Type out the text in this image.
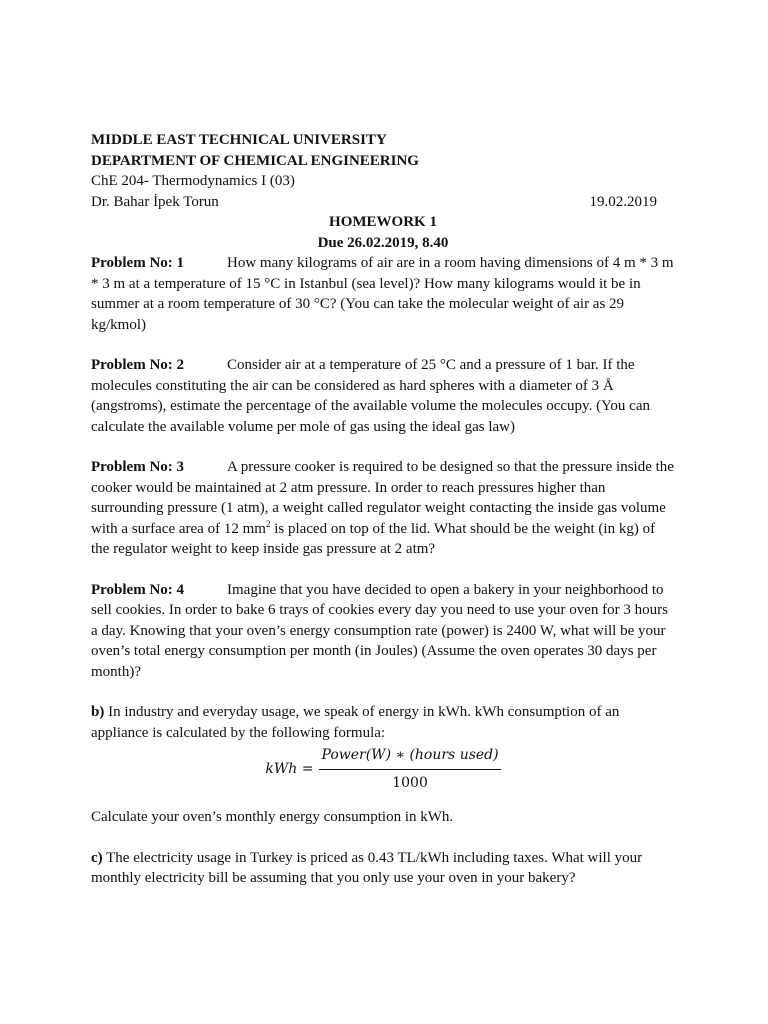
MIDDLE EAST TECHNICAL UNIVERSITY
DEPARTMENT OF CHEMICAL ENGINEERING
ChE 204- Thermodynamics I (03)
Dr. Bahar İpek Torun	19.02.2019
HOMEWORK 1
Due 26.02.2019, 8.40
Problem No: 1	How many kilograms of air are in a room having dimensions of 4 m * 3 m
* 3 m at a temperature of 15 °C in Istanbul (sea level)? How many kilograms would it be in
summer at a room temperature of 30 °C? (You can take the molecular weight of air as 29
kg/kmol)
Problem No: 2	Consider air at a temperature of 25 °C and a pressure of 1 bar. If the
molecules constituting the air can be considered as hard spheres with a diameter of 3 Å
(angstroms), estimate the percentage of the available volume the molecules occupy. (You can
calculate the available volume per mole of gas using the ideal gas law)
Problem No: 3	A pressure cooker is required to be designed so that the pressure inside the
cooker would be maintained at 2 atm pressure. In order to reach pressures higher than
surrounding pressure (1 atm), a weight called regulator weight contacting the inside gas volume
with a surface area of 12 $mm^2$ is placed on top of the lid. What should be the weight (in kg) of
the regulator weight to keep inside gas pressure at 2 atm?
Problem No: 4	Imagine that you have decided to open a bakery in your neighborhood to
sell cookies. In order to bake 6 trays of cookies every day you need to use your oven for 3 hours
a day. Knowing that your oven’s energy consumption rate (power) is 2400 W, what will be your
oven’s total energy consumption per month (in Joules) (Assume the oven operates 30 days per
month)?
b) In industry and everyday usage, we speak of energy in kWh. kWh consumption of an
appliance is calculated by the following formula:
kWh = $\frac{\text{Power(W) ∗ (hours used)}}{1000}$
Calculate your oven’s monthly energy consumption in kWh.
c) The electricity usage in Turkey is priced as 0.43 TL/kWh including taxes. What will your
monthly electricity bill be assuming that you only use your oven in your bakery?
